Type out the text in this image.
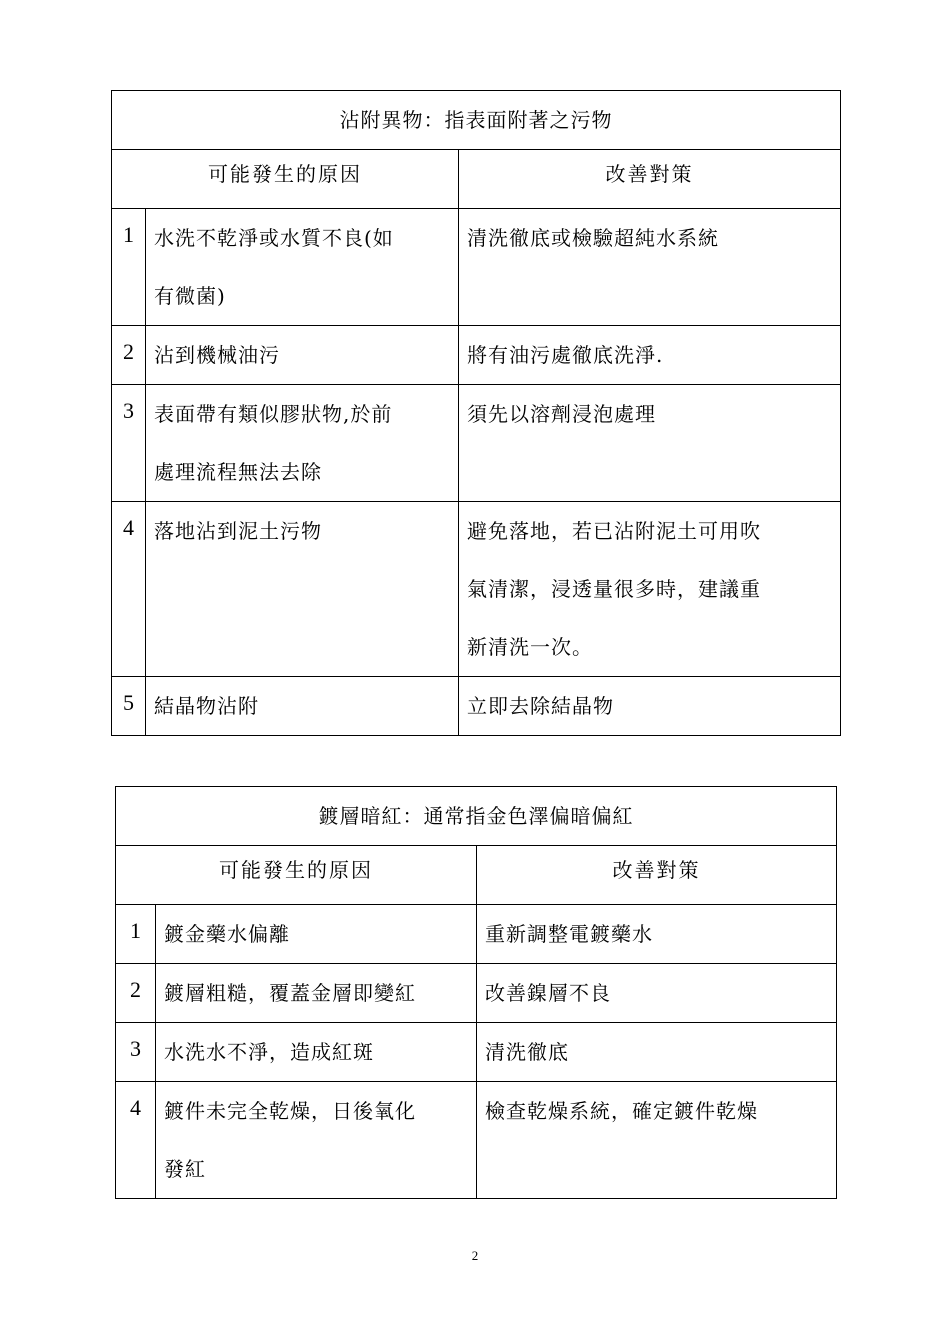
沾附異物：指表面附著之污物		
可能發生的原因		改善對策
1	水洗不乾淨或水質不良(如
有微菌)	清洗徹底或檢驗超純水系統

2	沾到機械油污	將有油污處徹底洗淨.

3	表面帶有類似膠狀物,於前
處理流程無法去除	須先以溶劑浸泡處理

4	落地沾到泥土污物	避免落地，若已沾附泥土可用吹
氣清潔，浸透量很多時，建議重
新清洗一次。

5	結晶物沾附	立即去除結晶物
鍍層暗紅：通常指金色澤偏暗偏紅		
可能發生的原因		改善對策
1	鍍金藥水偏離	重新調整電鍍藥水

2	鍍層粗糙，覆蓋金層即變紅	改善鎳層不良

3	水洗水不淨，造成紅斑	清洗徹底

4	鍍件未完全乾燥，日後氧化
發紅	檢查乾燥系統，確定鍍件乾燥
2
